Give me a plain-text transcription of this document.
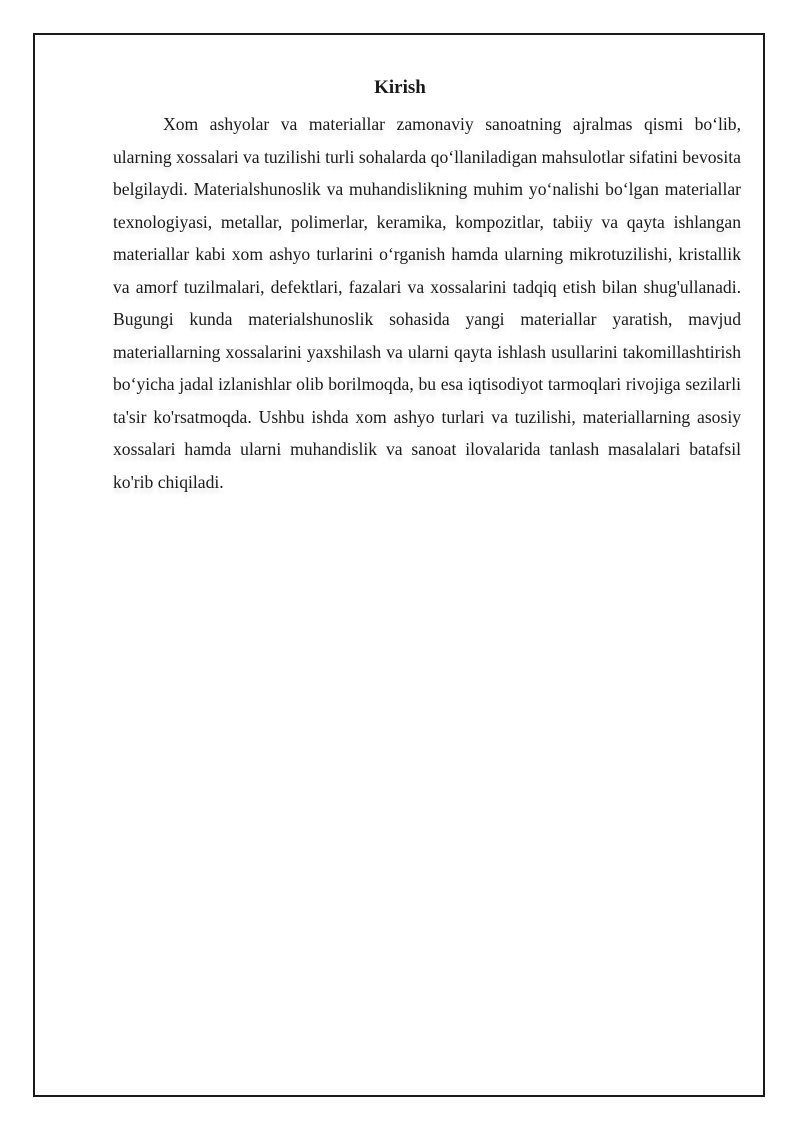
Kirish

Xom ashyolar va materiallar zamonaviy sanoatning ajralmas qismi bo‘lib, ularning xossalari va tuzilishi turli sohalarda qo‘llaniladigan mahsulotlar sifatini bevosita belgilaydi. Materialshunoslik va muhandislikning muhim yo‘nalishi bo‘lgan materiallar texnologiyasi, metallar, polimerlar, keramika, kompozitlar, tabiiy va qayta ishlangan materiallar kabi xom ashyo turlarini o‘rganish hamda ularning mikrotuzilishi, kristallik va amorf tuzilmalari, defektlari, fazalari va xossalarini tadqiq etish bilan shug'ullanadi. Bugungi kunda materialshunoslik sohasida yangi materiallar yaratish, mavjud materiallarning xossalarini yaxshilash va ularni qayta ishlash usullarini takomillashtirish bo‘yicha jadal izlanishlar olib borilmoqda, bu esa iqtisodiyot tarmoqlari rivojiga sezilarli ta'sir ko'rsatmoqda. Ushbu ishda xom ashyo turlari va tuzilishi, materiallarning asosiy xossalari hamda ularni muhandislik va sanoat ilovalarida tanlash masalalari batafsil ko'rib chiqiladi.
